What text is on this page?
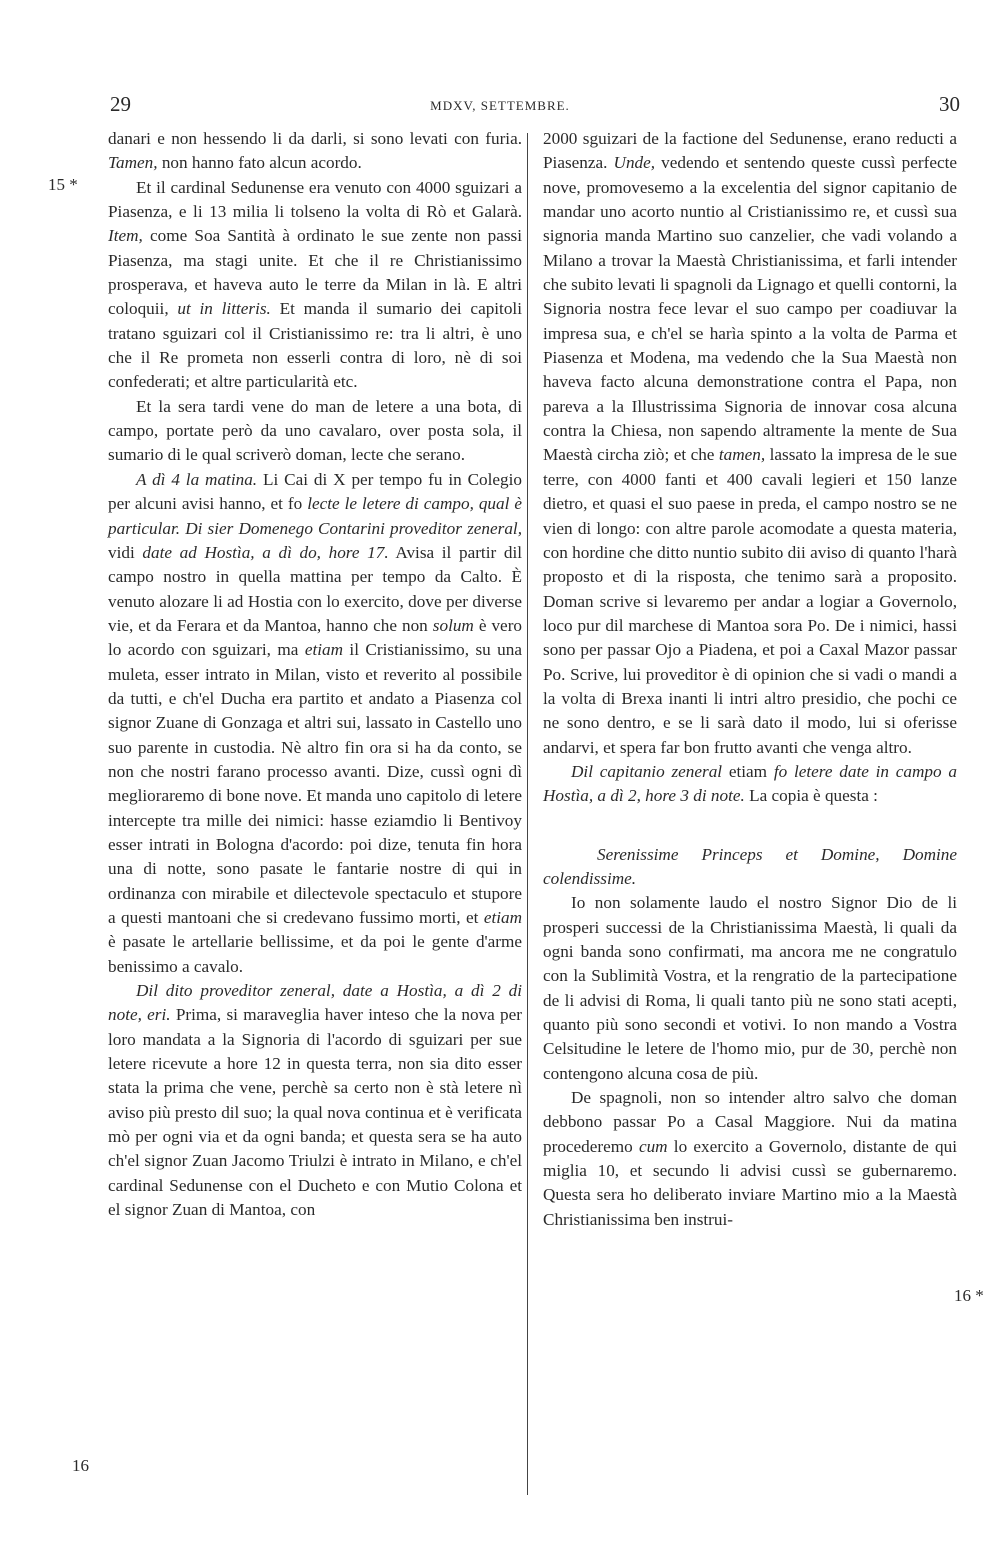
29	MDXV, SETTEMBRE.	30
15 *
16
16 *

danari e non hessendo li da darli, si sono levati con furia. Tamen, non hanno fato alcun acordo.

Et il cardinal Sedunense era venuto con 4000 sguizari a Piasenza, e li 13 milia li tolseno la volta di Rò et Galarà. Item, come Soa Santità à ordinato le sue zente non passi Piasenza, ma stagi unite. Et che il re Christianissimo prosperava, et haveva auto le terre da Milan in là. E altri coloquii, ut in litteris. Et manda il sumario dei capitoli tratano sguizari col il Cristianissimo re: tra li altri, è uno che il Re prometa non esserli contra di loro, nè di soi confederati; et altre particularità etc.

Et la sera tardi vene do man de letere a una bota, di campo, portate però da uno cavalaro, over posta sola, il sumario di le qual scriverò doman, lecte che serano.

A dì 4 la matina. Li Cai di X per tempo fu in Colegio per alcuni avisi hanno, et fo lecte le letere di campo, qual è particular. Di sier Domenego Contarini proveditor zeneral, vidi date ad Hostìa, a dì do, hore 17. Avisa il partir dil campo nostro in quella mattina per tempo da Calto. È venuto alozare li ad Hostia con lo exercito, dove per diverse vie, et da Ferara et da Mantoa, hanno che non solum è vero lo acordo con sguizari, ma etiam il Cristianissimo, su una muleta, esser intrato in Milan, visto et reverito al possibile da tutti, e ch'el Ducha era partito et andato a Piasenza col signor Zuane di Gonzaga et altri sui, lassato in Castello uno suo parente in custodia. Nè altro fin ora si ha da conto, se non che nostri farano processo avanti. Dize, cussì ogni dì meglioraremo di bone nove. Et manda uno capitolo di letere intercepte tra mille dei nimici: hasse eziamdio li Bentivoy esser intrati in Bologna d'acordo: poi dize, tenuta fin hora una di notte, sono pasate le fantarie nostre di qui in ordinanza con mirabile et dilectevole spectaculo et stupore a questi mantoani che si credevano fussimo morti, et etiam è pasate le artellarie bellissime, et da poi le gente d'arme benissimo a cavalo.

Dil dito proveditor zeneral, date a Hostìa, a dì 2 di note, eri. Prima, si maraveglia haver inteso che la nova per loro mandata a la Signoria di l'acordo di sguizari per sue letere ricevute a hore 12 in questa terra, non sia dito esser stata la prima che vene, perchè sa certo non è stà letere nì aviso più presto dil suo; la qual nova continua et è verificata mò per ogni via et da ogni banda; et questa sera se ha auto ch'el signor Zuan Jacomo Triulzi è intrato in Milano, e ch'el cardinal Sedunense con el Ducheto e con Mutio Colona et el signor Zuan di Mantoa, con

2000 sguizari de la factione del Sedunense, erano reducti a Piasenza. Unde, vedendo et sentendo queste cussì perfecte nove, promovesemo a la excelentia del signor capitanio de mandar uno acorto nuntio al Cristianissimo re, et cussì sua signoria manda Martino suo canzelier, che vadi volando a Milano a trovar la Maestà Christianissima, et farli intender che subito levati li spagnoli da Lignago et quelli contorni, la Signoria nostra fece levar el suo campo per coadiuvar la impresa sua, e ch'el se harìa spinto a la volta de Parma et Piasenza et Modena, ma vedendo che la Sua Maestà non haveva facto alcuna demonstratione contra el Papa, non pareva a la Illustrissima Signoria de innovar cosa alcuna contra la Chiesa, non sapendo altramente la mente de Sua Maestà circha ziò; et che tamen, lassato la impresa de le sue terre, con 4000 fanti et 400 cavali legieri et 150 lanze dietro, et quasi el suo paese in preda, el campo nostro se ne vien di longo: con altre parole acomodate a questa materia, con hordine che ditto nuntio subito dii aviso di quanto l'harà proposto et di la risposta, che tenimo sarà a proposito. Doman scrive si levaremo per andar a logiar a Governolo, loco pur dil marchese di Mantoa sora Po. De i nimici, hassi sono per passar Ojo a Piadena, et poi a Caxal Mazor passar Po. Scrive, lui proveditor è di opinion che si vadi o mandi a la volta di Brexa inanti li intri altro presidio, che pochi ce ne sono dentro, e se li sarà dato il modo, lui si oferisse andarvi, et spera far bon frutto avanti che venga altro.

Dil capitanio zeneral etiam fo letere date in campo a Hostìa, a dì 2, hore 3 di note. La copia è questa :

Serenissime Princeps et Domine, Domine colendissime.

Io non solamente laudo el nostro Signor Dio de li prosperi successi de la Christianissima Maestà, li quali da ogni banda sono confirmati, ma ancora me ne congratulo con la Sublimità Vostra, et la rengratio de la partecipatione de li advisi di Roma, li quali tanto più ne sono stati acepti, quanto più sono secondi et votivi. Io non mando a Vostra Celsitudine le letere de l'homo mio, pur de 30, perchè non contengono alcuna cosa de più.

De spagnoli, non so intender altro salvo che doman debbono passar Po a Casal Maggiore. Nui da matina procederemo cum lo exercito a Governolo, distante de qui miglia 10, et secundo li advisi cussì se gubernaremo. Questa sera ho deliberato inviare Martino mio a la Maestà Christianissima ben instrui-
